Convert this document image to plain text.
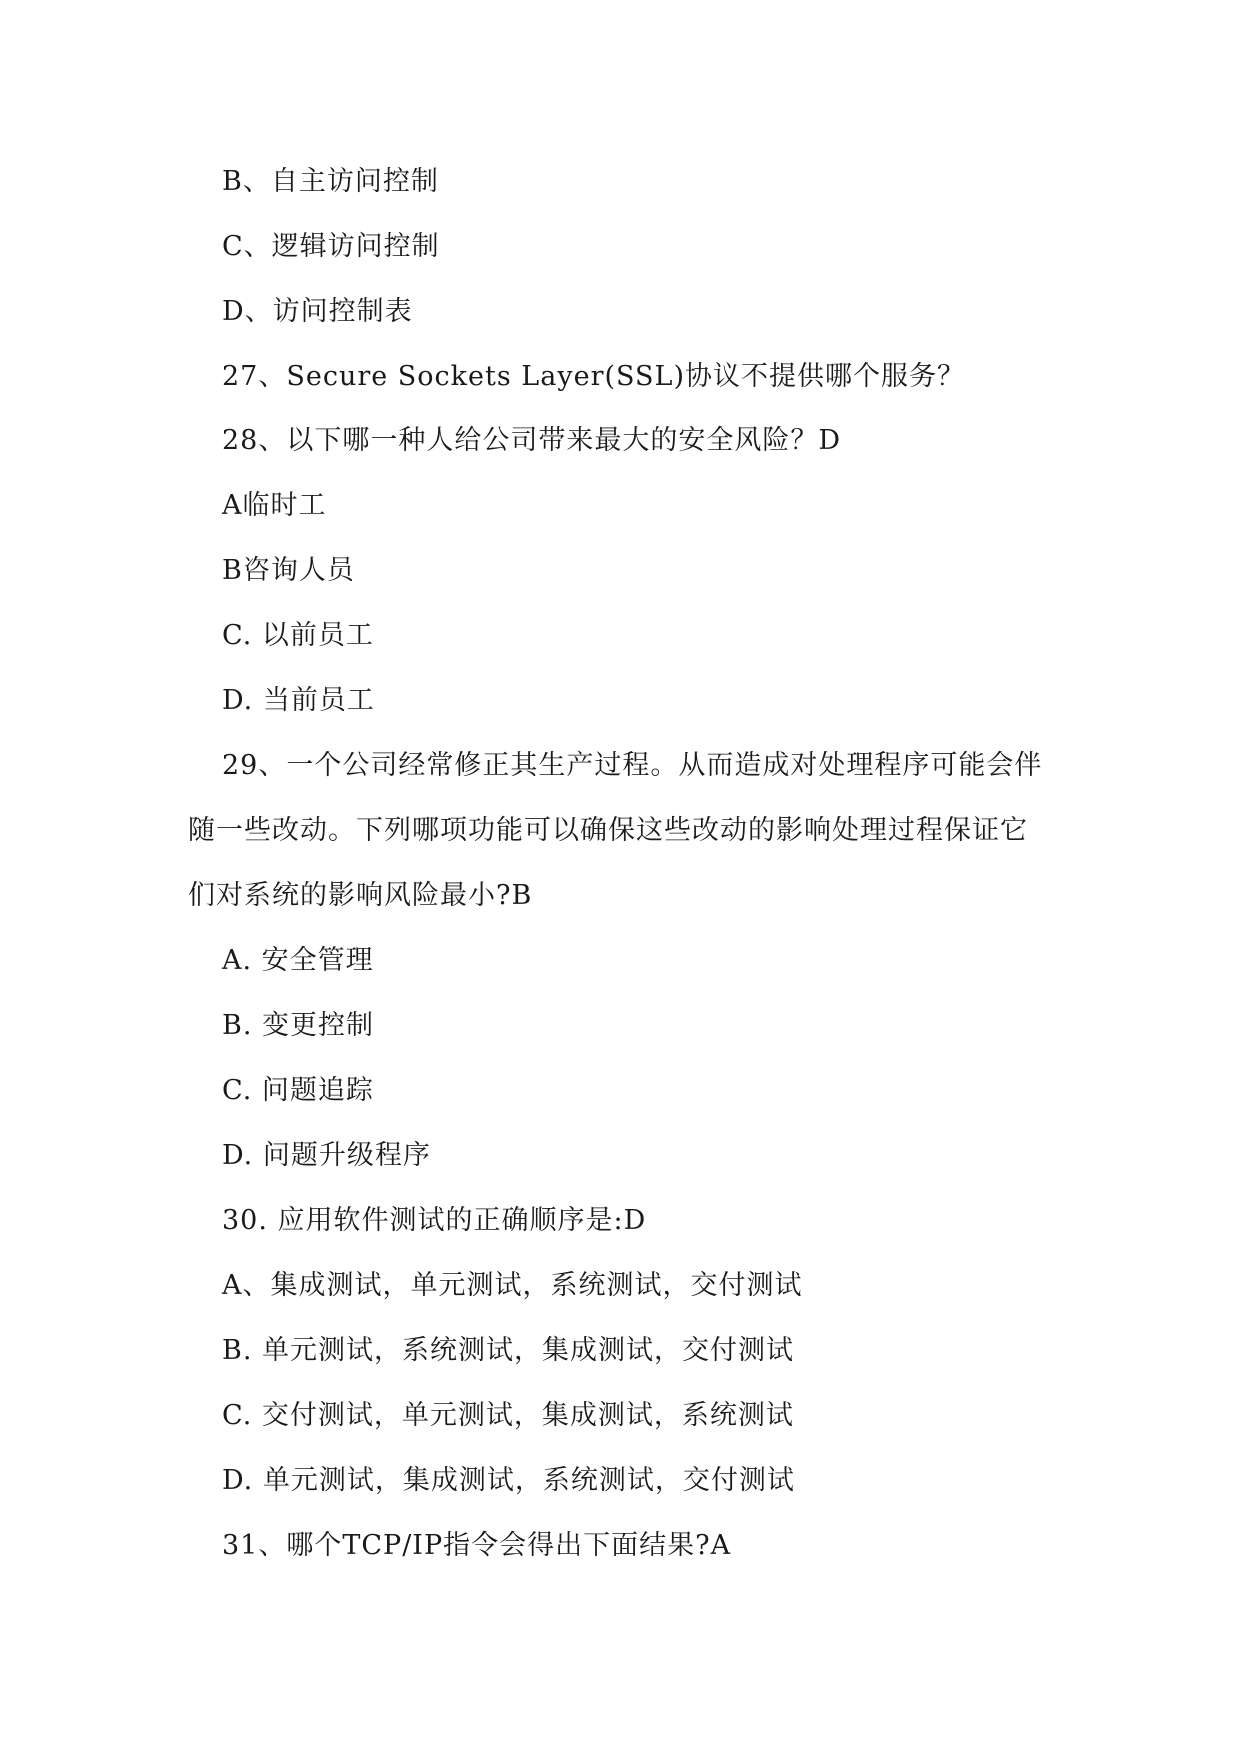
B、自主访问控制
C、逻辑访问控制
D、访问控制表
27、Secure Sockets Layer(SSL)协议不提供哪个服务？
28、以下哪一种人给公司带来最大的安全风险？D
A临时工
B咨询人员
C. 以前员工
D. 当前员工
29、一个公司经常修正其生产过程。从而造成对处理程序可能会伴
随一些改动。下列哪项功能可以确保这些改动的影响处理过程保证它
们对系统的影响风险最小?B
A. 安全管理
B. 变更控制
C. 问题追踪
D. 问题升级程序
30. 应用软件测试的正确顺序是:D
A、集成测试，单元测试，系统测试，交付测试
B. 单元测试，系统测试，集成测试，交付测试
C. 交付测试，单元测试，集成测试，系统测试
D. 单元测试，集成测试，系统测试，交付测试
31、哪个TCP/IP指令会得出下面结果?A
